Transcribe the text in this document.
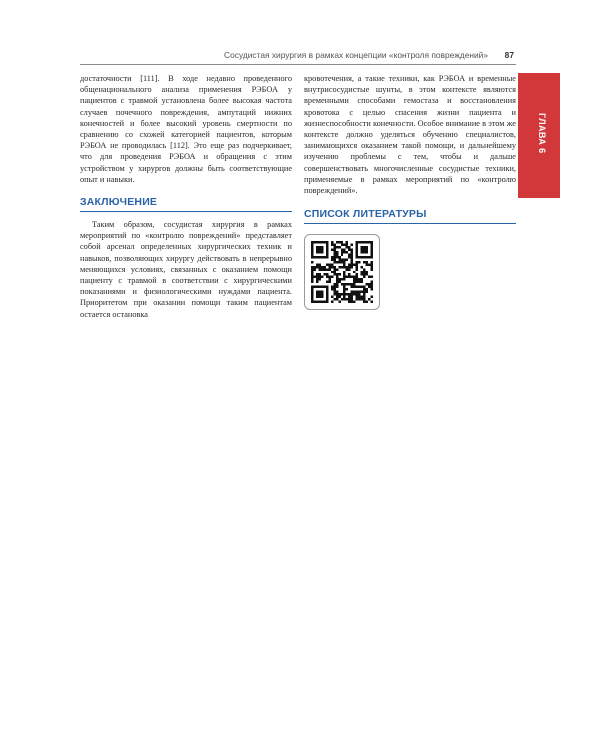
Сосудистая хирургия в рамках концепции «контроля повреждений» 87
ГЛАВА 6

достаточности [111]. В ходе недавно проведенного общенационального анализа применения РЭБОА у пациентов с травмой установлена более высокая частота случаев почечного повреждения, ампутаций нижних конечностей и более высокий уровень смертности по сравнению со схожей категорией пациентов, которым РЭБОА не проводилась [112]. Это еще раз подчеркивает, что для проведения РЭБОА и обращения с этим устройством у хирургов должны быть соответствующие опыт и навыки.

ЗАКЛЮЧЕНИЕ

Таким образом, сосудистая хирургия в рамках мероприятий по «контролю повреждений» представляет собой арсенал определенных хирургических техник и навыков, позволяющих хирургу действовать в непрерывно меняющихся условиях, связанных с оказанием помощи пациенту с травмой в соответствии с хирургическими показаниями и физиологическими нуждами пациента. Приоритетом при оказании помощи таким пациентам остается остановка

кровотечения, а такие техники, как РЭБОА и временные внутрисосудистые шунты, в этом контексте являются временными способами гемостаза и восстановления кровотока с целью спасения жизни пациента и жизнеспособности конечности. Особое внимание в этом же контексте должно уделяться обучению специалистов, занимающихся оказанием такой помощи, и дальнейшему изучению проблемы с тем, чтобы и дальше совершенствовать многочисленные сосудистые техники, применяемые в рамках мероприятий по «контролю повреждений».

СПИСОК ЛИТЕРАТУРЫ
